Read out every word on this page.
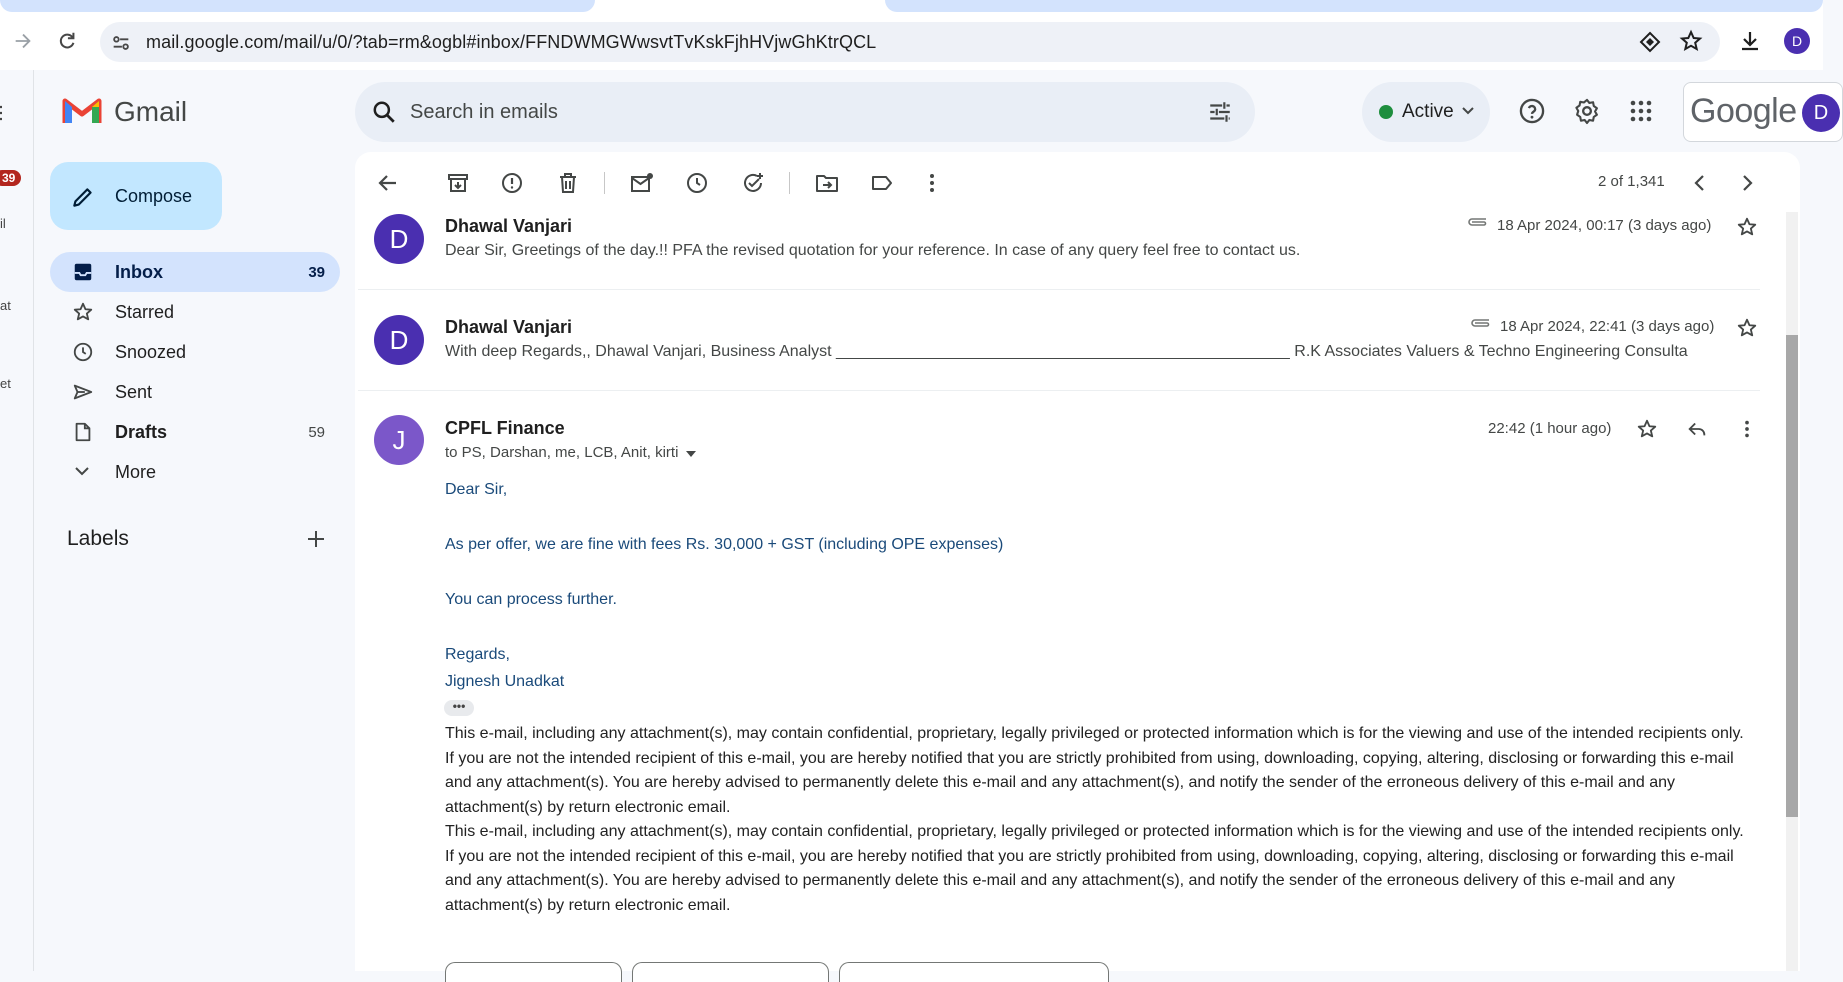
mail.google.com/mail/u/0/?tab=rm&ogbl#inbox/FFNDWMGWwsvtTvKskFjhHVjwGhKtrQCL	D
39
il
at
et
Gmail
Search in emails	Active	Google D
Compose
Inbox	39
Starred
Snoozed
Sent
Drafts	59
More
Labels
2 of 1,341
D	Dhawal Vanjari
Dear Sir, Greetings of the day.!! PFA the revised quotation for your reference. In case of any query feel free to contact us.
18 Apr 2024, 00:17 (3 days ago)
D	Dhawal Vanjari
With deep Regards,, Dhawal Vanjari, Business Analyst ___________________________________________________ R.K Associates Valuers & Techno Engineering Consulta
18 Apr 2024, 22:41 (3 days ago)
J	CPFL Finance
to PS, Darshan, me, LCB, Anit, kirti
22:42 (1 hour ago)
Dear Sir,
As per offer, we are fine with fees Rs. 30,000 + GST (including OPE expenses)
You can process further.
Regards,
Jignesh Unadkat
•••

This e-mail, including any attachment(s), may contain confidential, proprietary, legally privileged or protected information which is for the viewing and use of the intended recipients only. If you are not the intended recipient of this e-mail, you are hereby notified that you are strictly prohibited from using, downloading, copying, altering, disclosing or forwarding this e-mail and any attachment(s). You are hereby advised to permanently delete this e-mail and any attachment(s), and notify the sender of the erroneous delivery of this e-mail and any attachment(s) by return electronic email.

This e-mail, including any attachment(s), may contain confidential, proprietary, legally privileged or protected information which is for the viewing and use of the intended recipients only. If you are not the intended recipient of this e-mail, you are hereby notified that you are strictly prohibited from using, downloading, copying, altering, disclosing or forwarding this e-mail and any attachment(s). You are hereby advised to permanently delete this e-mail and any attachment(s), and notify the sender of the erroneous delivery of this e-mail and any attachment(s) by return electronic email.
